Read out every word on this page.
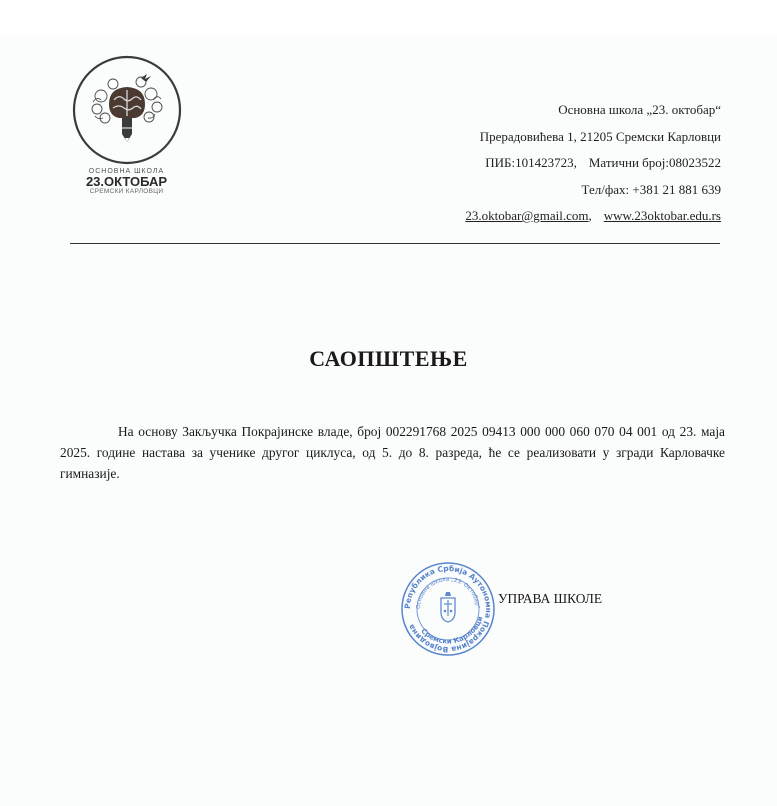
ОСНОВНА ШКОЛА
23.ОКТОБАР
СРЕМСКИ КАРЛОВЦИ
Основна школа „23. октобар“
Прерадовићева 1, 21205 Сремски Карловци
ПИБ:101423723, Матични број:08023522
Тел/фах: +381 21 881 639
23.oktobar@gmail.com, www.23oktobar.edu.rs
САОПШТЕЊЕ
На основу Закључка Покрајинске владе, број 002291768 2025 09413 000 000 060 070 04 001 од 23. маја 2025. године настава за ученике другог циклуса, од 5. до 8. разреда, ће се реализовати у згради Карловачке гимназије.
Република Србија Аутономна Покрајина Војводина
Основна школа „23. Октобар“
Сремски Карловци
УПРАВА ШКОЛЕ
